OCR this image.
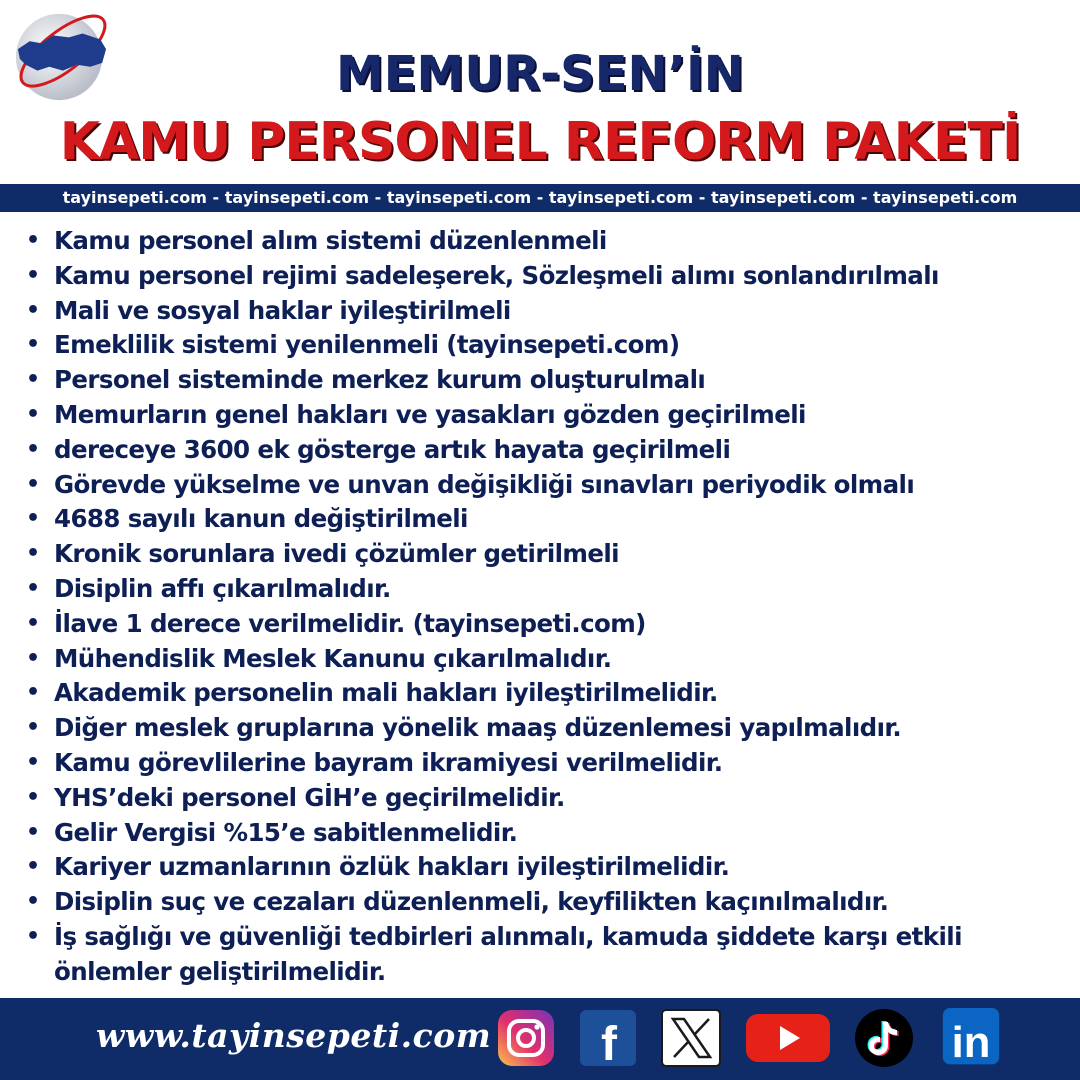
MEMUR-SEN’İN
KAMU PERSONEL REFORM PAKETİ
tayinsepeti.com - tayinsepeti.com - tayinsepeti.com - tayinsepeti.com - tayinsepeti.com - tayinsepeti.com
• Kamu personel alım sistemi düzenlenmeli
• Kamu personel rejimi sadeleşerek, Sözleşmeli alımı sonlandırılmalı
• Mali ve sosyal haklar iyileştirilmeli
• Emeklilik sistemi yenilenmeli (tayinsepeti.com)
• Personel sisteminde merkez kurum oluşturulmalı
• Memurların genel hakları ve yasakları gözden geçirilmeli
• dereceye 3600 ek gösterge artık hayata geçirilmeli
• Görevde yükselme ve unvan değişikliği sınavları periyodik olmalı
• 4688 sayılı kanun değiştirilmeli
• Kronik sorunlara ivedi çözümler getirilmeli
• Disiplin affı çıkarılmalıdır.
• İlave 1 derece verilmelidir. (tayinsepeti.com)
• Mühendislik Meslek Kanunu çıkarılmalıdır.
• Akademik personelin mali hakları iyileştirilmelidir.
• Diğer meslek gruplarına yönelik maaş düzenlemesi yapılmalıdır.
• Kamu görevlilerine bayram ikramiyesi verilmelidir.
• YHS’deki personel GİH’e geçirilmelidir.
• Gelir Vergisi %15’e sabitlenmelidir.
• Kariyer uzmanlarının özlük hakları iyileştirilmelidir.
• Disiplin suç ve cezaları düzenlenmeli, keyfilikten kaçınılmalıdır.
• İş sağlığı ve güvenliği tedbirleri alınmalı, kamuda şiddete karşı etkili önlemler geliştirilmelidir.
www.tayinsepeti.com f	in
